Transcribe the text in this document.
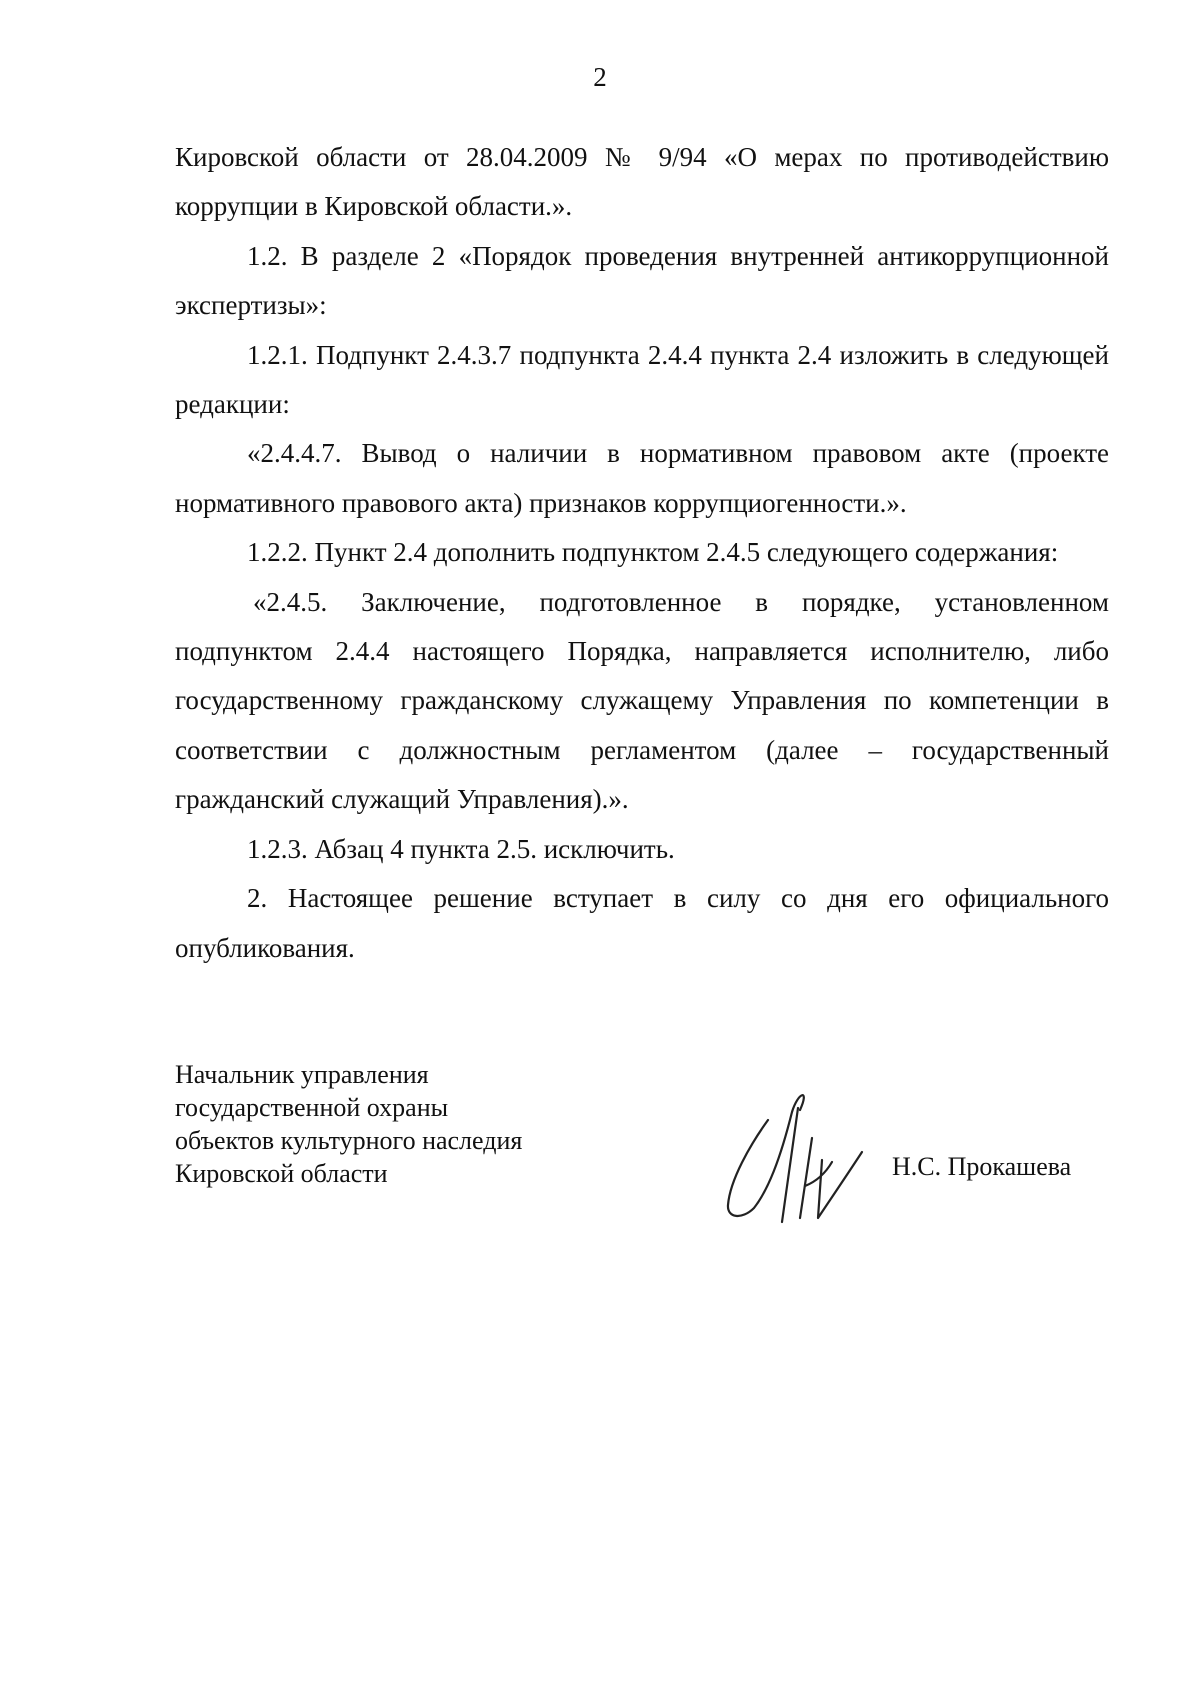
2

Кировской области от 28.04.2009 № 9/94 «О мерах по противодействию коррупции в Кировской области.».

1.2. В разделе 2 «Порядок проведения внутренней антикоррупционной экспертизы»:

1.2.1. Подпункт 2.4.3.7 подпункта 2.4.4 пункта 2.4 изложить в следующей редакции:

«2.4.4.7. Вывод о наличии в нормативном правовом акте (проекте нормативного правового акта) признаков коррупциогенности.».

1.2.2. Пункт 2.4 дополнить подпунктом 2.4.5 следующего содержания:

«2.4.5. Заключение, подготовленное в порядке, установленном подпунктом 2.4.4 настоящего Порядка, направляется исполнителю, либо государственному гражданскому служащему Управления по компетенции в соответствии с должностным регламентом (далее – государственный гражданский служащий Управления).».

1.2.3. Абзац 4 пункта 2.5. исключить.

2. Настоящее решение вступает в силу со дня его официального опубликования.

Начальник управления
государственной охраны
объектов культурного наследия
Кировской области	Н.С. Прокашева
